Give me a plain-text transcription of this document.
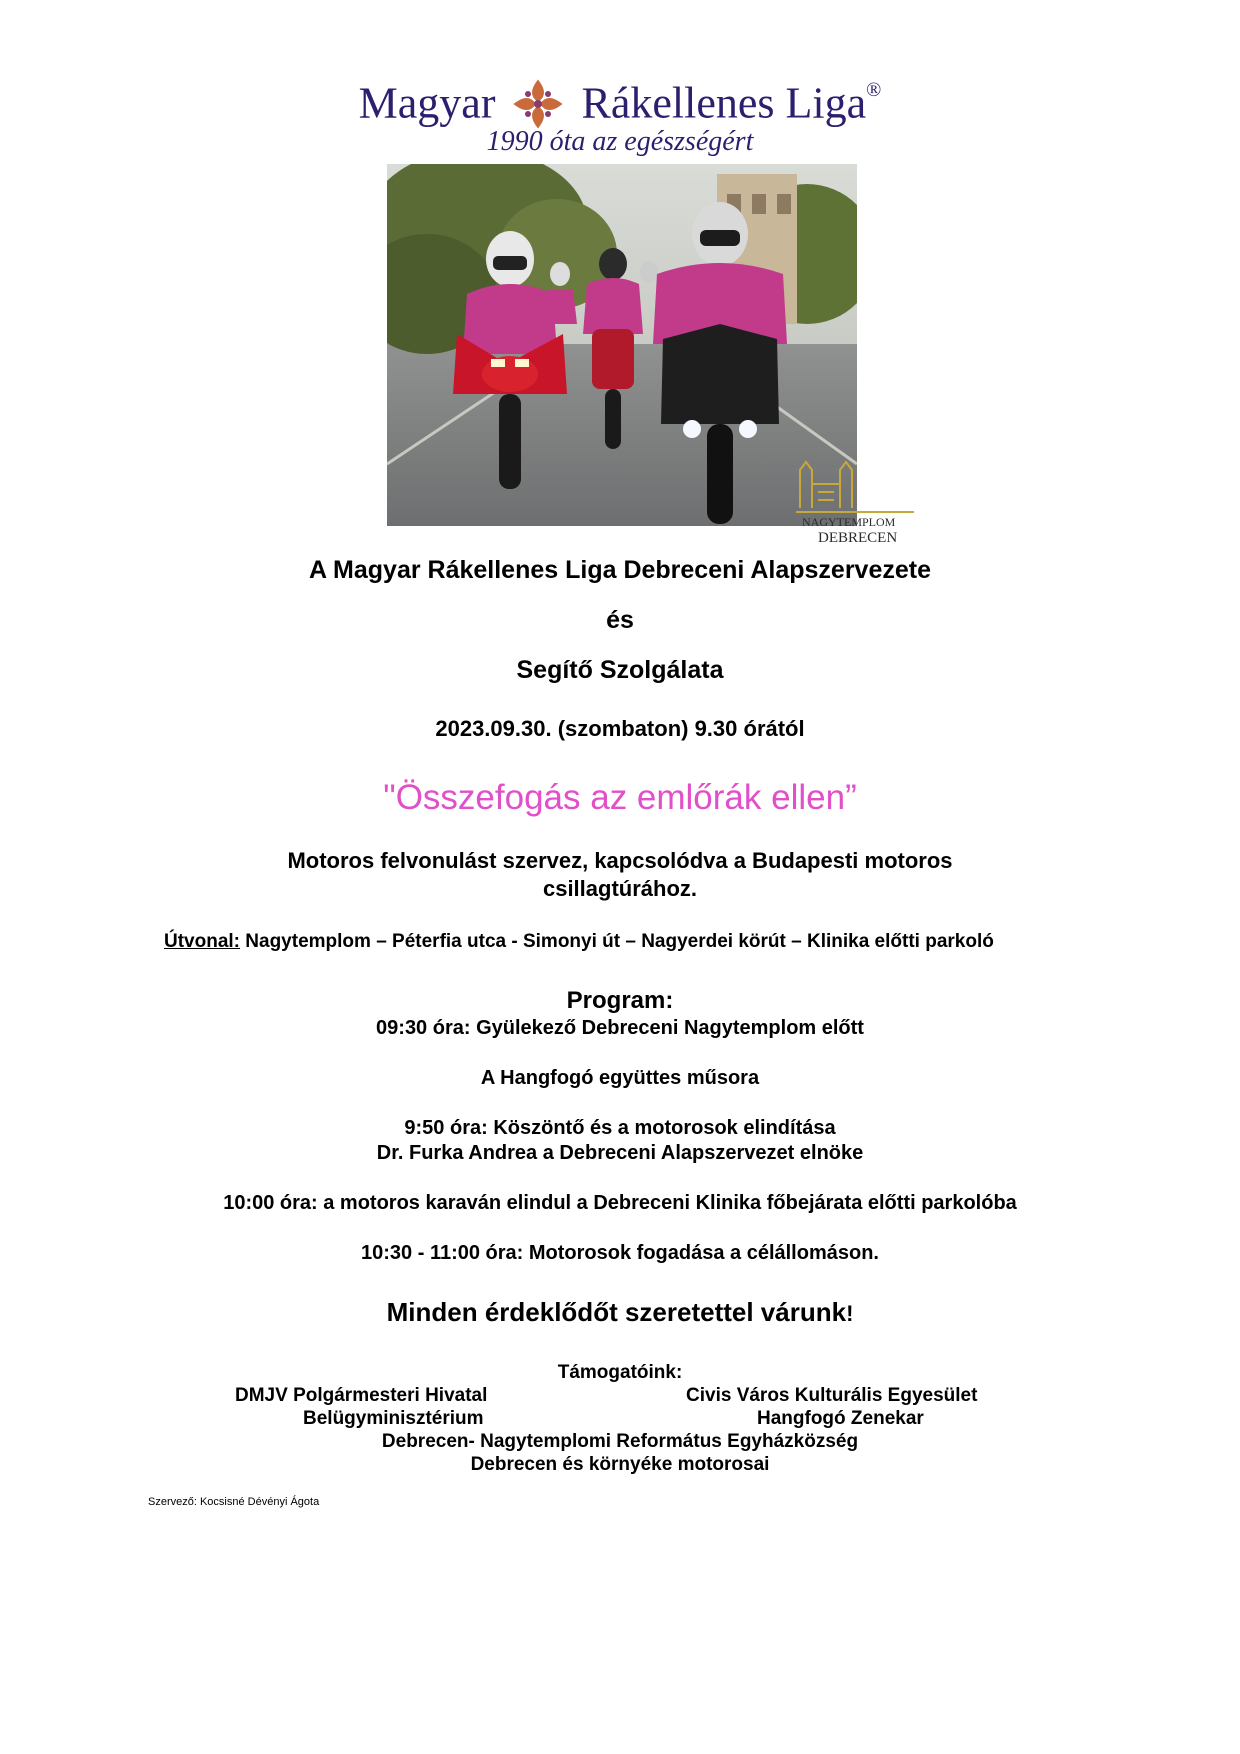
Magyar Rákellenes Liga®
1990 óta az egészségért
NAGYTEMPLOM
DEBRECEN
A Magyar Rákellenes Liga Debreceni Alapszervezete
és
Segítő Szolgálata
2023.09.30. (szombaton) 9.30 órától
"Összefogás az emlőrák ellen”
Motoros felvonulást szervez, kapcsolódva a Budapesti motoros
csillagtúrához.
Útvonal: Nagytemplom – Péterfia utca - Simonyi út – Nagyerdei körút – Klinika előtti parkoló
Program:
09:30 óra: Gyülekező Debreceni Nagytemplom előtt
A Hangfogó együttes műsora
9:50 óra: Köszöntő és a motorosok elindítása
Dr. Furka Andrea a Debreceni Alapszervezet elnöke
10:00 óra: a motoros karaván elindul a Debreceni Klinika főbejárata előtti parkolóba
10:30 - 11:00 óra: Motorosok fogadása a célállomáson.
Minden érdeklődőt szeretettel várunk!
Támogatóink:
DMJV Polgármesteri Hivatal	Civis Város Kulturális Egyesület
Belügyminisztérium	Hangfogó Zenekar
Debrecen- Nagytemplomi Református Egyházközség
Debrecen és környéke motorosai
Szervező: Kocsisné Dévényi Ágota
